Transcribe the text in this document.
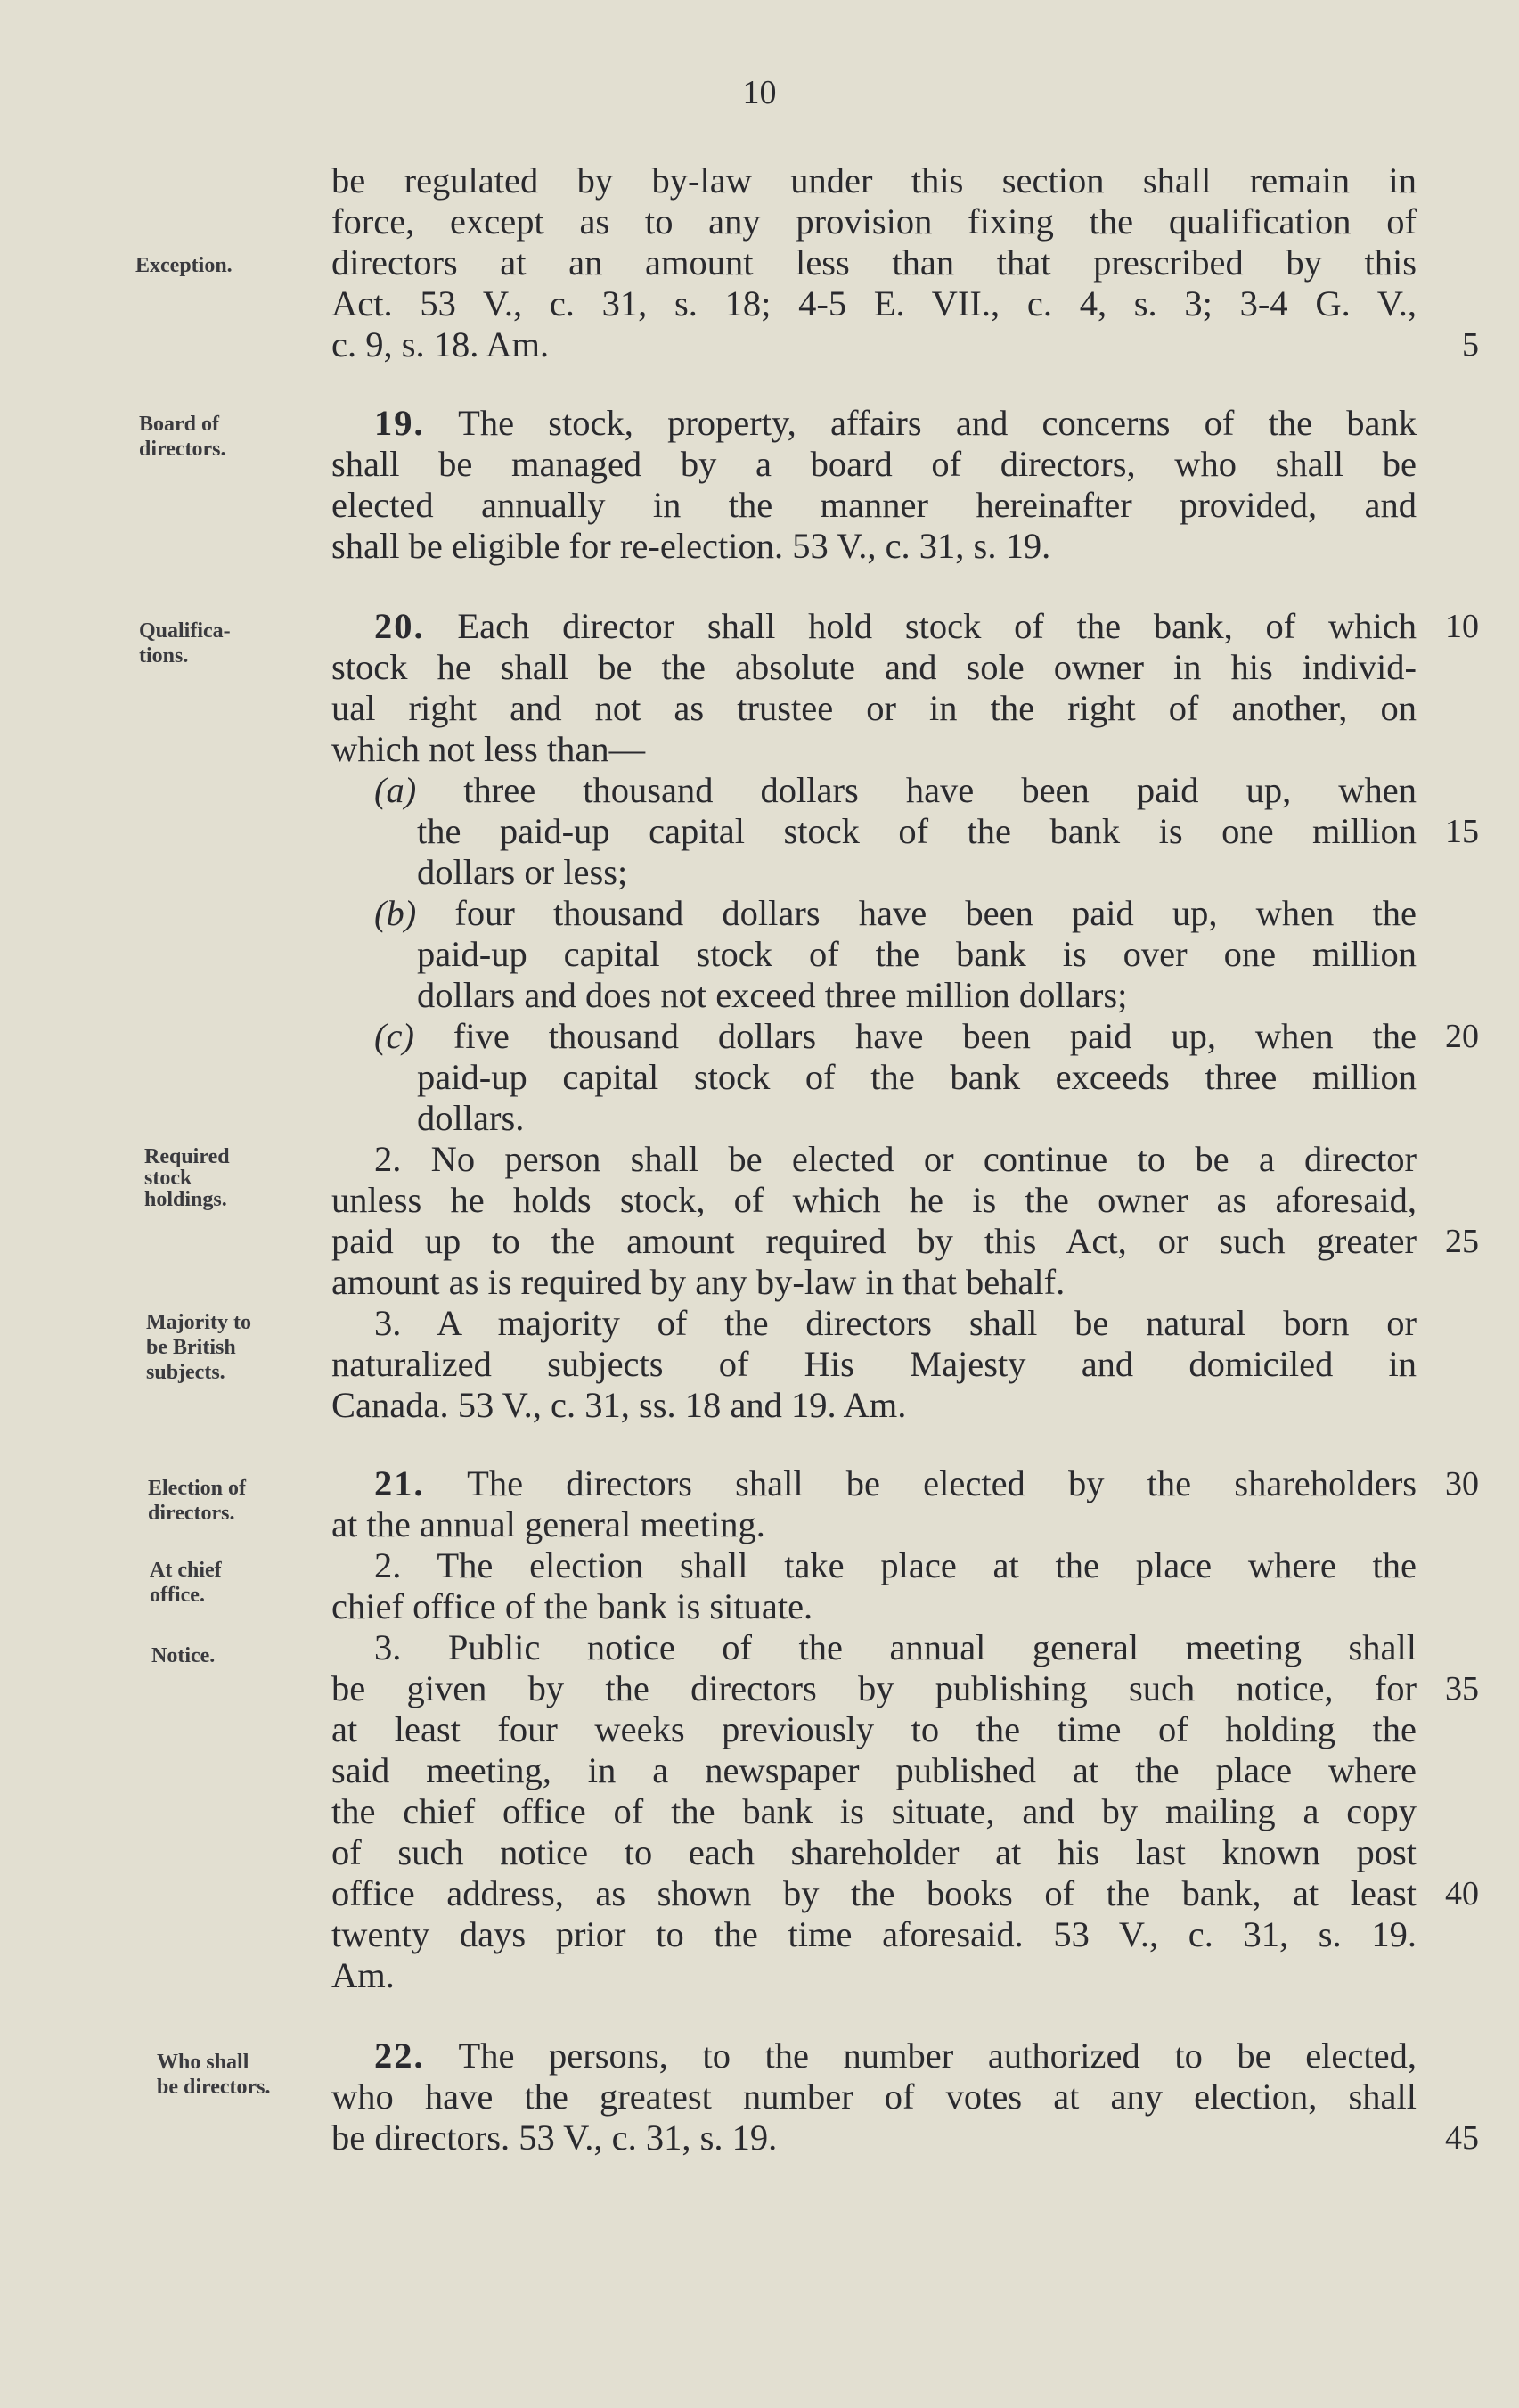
10
Exception.
Board of
directors.
Qualifica-
tions.
Required
stock
holdings.
Majority to
be British
subjects.
Election of
directors.
At chief
office.
Notice.
Who shall
be directors.
be regulated by by-law under this section shall remain in
force, except as to any provision fixing the qualification of
directors at an amount less than that prescribed by this
Act. 53 V., c. 31, s. 18; 4-5 E. VII., c. 4, s. 3; 3-4 G. V.,
c. 9, s. 18. Am.
19. The stock, property, affairs and concerns of the bank
shall be managed by a board of directors, who shall be
elected annually in the manner hereinafter provided, and
shall be eligible for re-election. 53 V., c. 31, s. 19.
20. Each director shall hold stock of the bank, of which
stock he shall be the absolute and sole owner in his individ-
ual right and not as trustee or in the right of another, on
which not less than—
(a) three thousand dollars have been paid up, when
the paid-up capital stock of the bank is one million
dollars or less;
(b) four thousand dollars have been paid up, when the
paid-up capital stock of the bank is over one million
dollars and does not exceed three million dollars;
(c) five thousand dollars have been paid up, when the
paid-up capital stock of the bank exceeds three million
dollars.
2. No person shall be elected or continue to be a director
unless he holds stock, of which he is the owner as aforesaid,
paid up to the amount required by this Act, or such greater
amount as is required by any by-law in that behalf.
3. A majority of the directors shall be natural born or
naturalized subjects of His Majesty and domiciled in
Canada. 53 V., c. 31, ss. 18 and 19. Am.
21. The directors shall be elected by the shareholders
at the annual general meeting.
2. The election shall take place at the place where the
chief office of the bank is situate.
3. Public notice of the annual general meeting shall
be given by the directors by publishing such notice, for
at least four weeks previously to the time of holding the
said meeting, in a newspaper published at the place where
the chief office of the bank is situate, and by mailing a copy
of such notice to each shareholder at his last known post
office address, as shown by the books of the bank, at least
twenty days prior to the time aforesaid. 53 V., c. 31, s. 19.
Am.
22. The persons, to the number authorized to be elected,
who have the greatest number of votes at any election, shall
be directors. 53 V., c. 31, s. 19.
5
10
15
20
25
30
35
40
45
